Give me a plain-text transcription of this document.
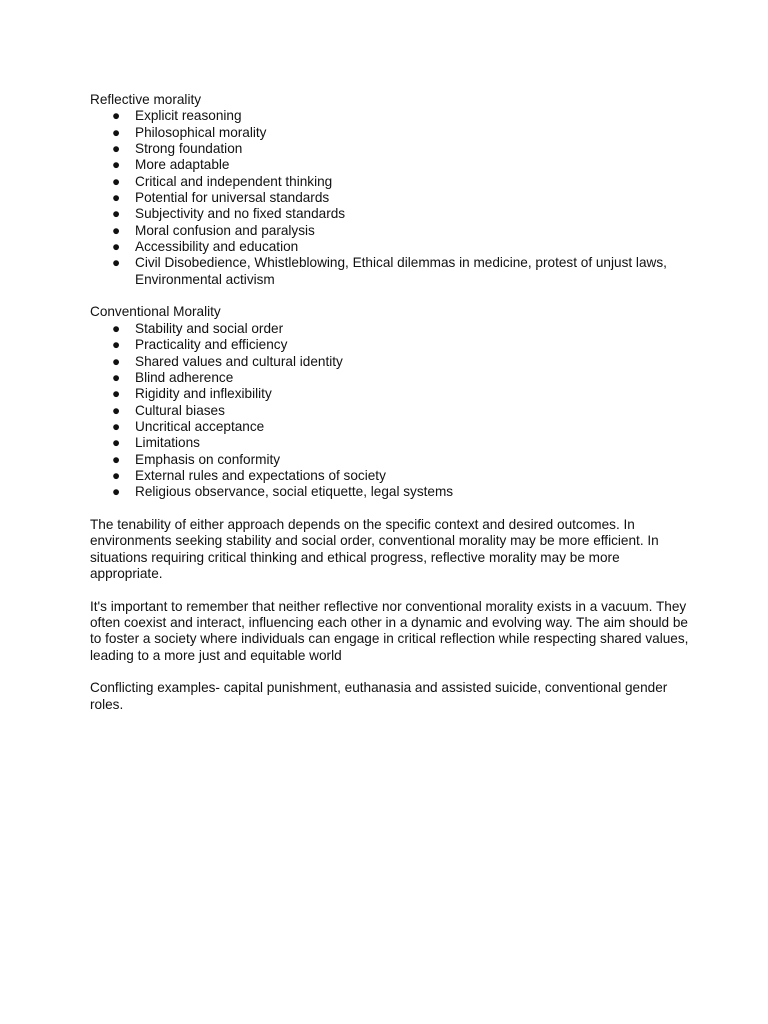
Reflective morality
● Explicit reasoning
● Philosophical morality
● Strong foundation
● More adaptable
● Critical and independent thinking
● Potential for universal standards
● Subjectivity and no fixed standards
● Moral confusion and paralysis
● Accessibility and education
● Civil Disobedience, Whistleblowing, Ethical dilemmas in medicine, protest of unjust laws, Environmental activism
Conventional Morality
● Stability and social order
● Practicality and efficiency
● Shared values and cultural identity
● Blind adherence
● Rigidity and inflexibility
● Cultural biases
● Uncritical acceptance
● Limitations
● Emphasis on conformity
● External rules and expectations of society
● Religious observance, social etiquette, legal systems

The tenability of either approach depends on the specific context and desired outcomes. In environments seeking stability and social order, conventional morality may be more efficient. In situations requiring critical thinking and ethical progress, reflective morality may be more appropriate.

It's important to remember that neither reflective nor conventional morality exists in a vacuum. They often coexist and interact, influencing each other in a dynamic and evolving way. The aim should be to foster a society where individuals can engage in critical reflection while respecting shared values, leading to a more just and equitable world

Conflicting examples- capital punishment, euthanasia and assisted suicide, conventional gender roles.
